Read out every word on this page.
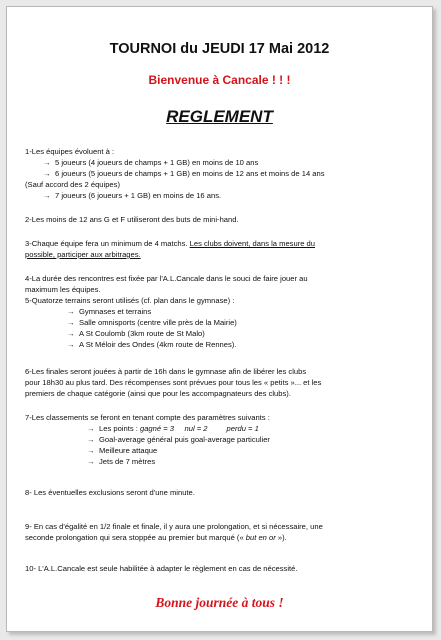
TOURNOI du JEUDI 17 Mai 2012
Bienvenue à Cancale ! ! !
REGLEMENT
1-Les équipes évoluent à :
→ 5 joueurs (4 joueurs de champs + 1 GB) en moins de 10 ans
→ 6 joueurs (5 joueurs de champs + 1 GB) en moins de 12 ans et moins de 14 ans
(Sauf accord des 2 équipes)
→ 7 joueurs (6 joueurs + 1 GB) en moins de 16 ans.
2-Les moins de 12 ans G et F utiliseront des buts de mini-hand.
3-Chaque équipe fera un minimum de 4 matchs. Les clubs doivent, dans la mesure du
possible, participer aux arbitrages.
4-La durée des rencontres est fixée par l'A.L.Cancale dans le souci de faire jouer au
maximum les équipes.
5-Quatorze terrains seront utilisés (cf. plan dans le gymnase) :
→ Gymnases et terrains
→ Salle omnisports (centre ville près de la Mairie)
→ A St Coulomb (3km route de St Malo)
→ A St Méloir des Ondes (4km route de Rennes).
6-Les finales seront jouées à partir de 16h dans le gymnase afin de libérer les clubs
pour 18h30 au plus tard. Des récompenses sont prévues pour tous les « petits »... et les
premiers de chaque catégorie (ainsi que pour les accompagnateurs des clubs).
7-Les classements se feront en tenant compte des paramètres suivants :
→ Les points : gagné = 3     nul = 2         perdu = 1
→ Goal-average général puis goal-average particulier
→ Meilleure attaque
→ Jets de 7 mètres
8- Les éventuelles exclusions seront d'une minute.
9- En cas d'égalité en 1/2 finale et finale, il y aura une prolongation, et si nécessaire, une
seconde prolongation qui sera stoppée au premier but marqué (« but en or »).
10- L'A.L.Cancale est seule habilitée à adapter le règlement en cas de nécessité.
Bonne journée à tous !
